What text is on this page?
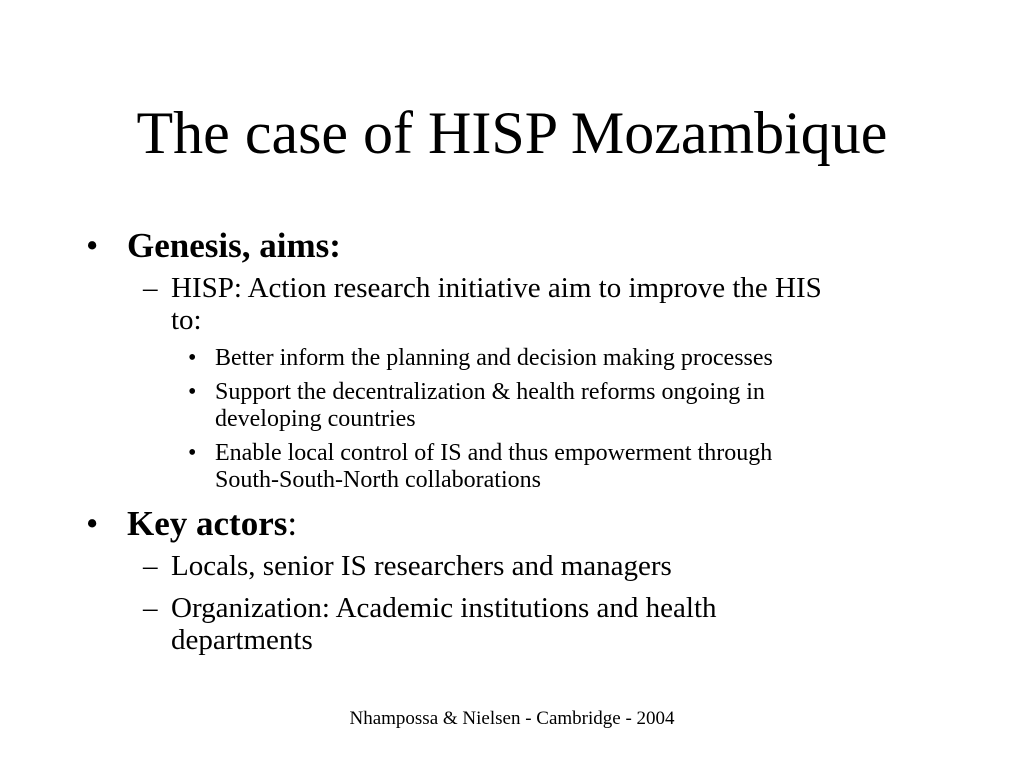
The case of HISP Mozambique
• Genesis, aims:
– HISP: Action research initiative aim to improve the HIS
to:
• Better inform the planning and decision making processes
• Support the decentralization & health reforms ongoing in
developing countries
• Enable local control of IS and thus empowerment through
South-South-North collaborations
• Key actors:
– Locals, senior IS researchers and managers
– Organization: Academic institutions and health
departments
Nhampossa & Nielsen - Cambridge - 2004
